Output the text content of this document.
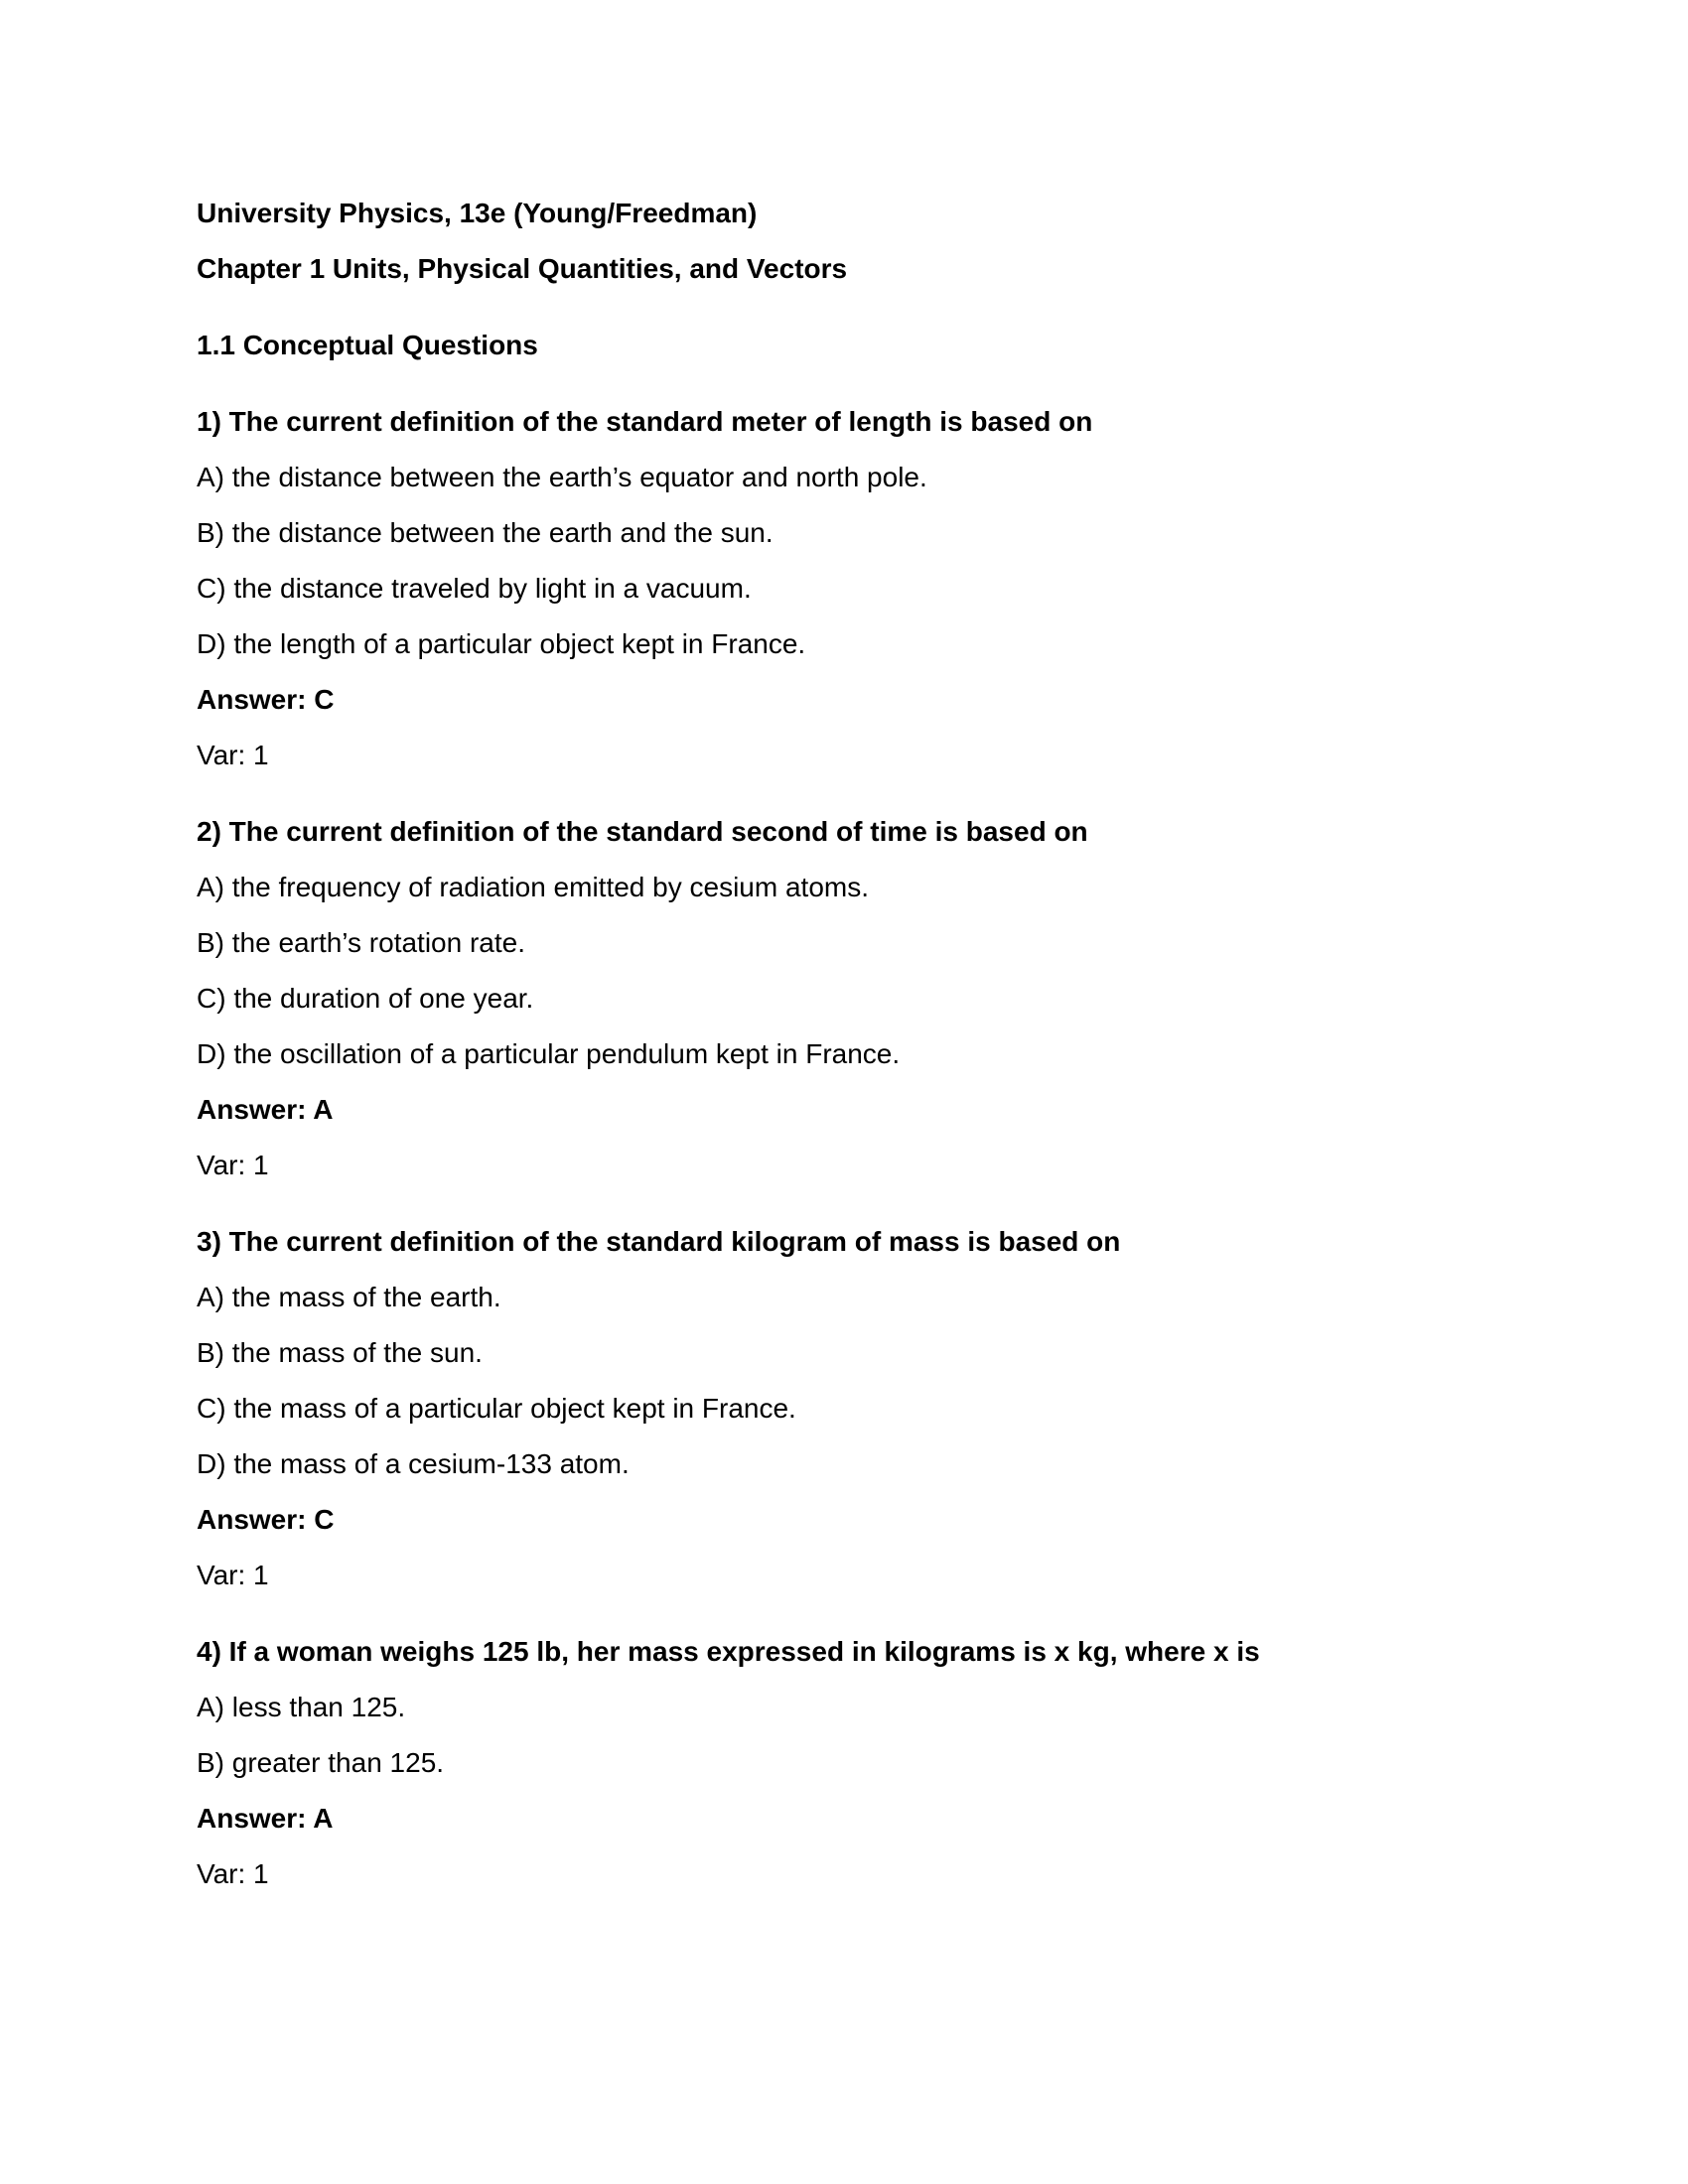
University Physics, 13e (Young/Freedman)

Chapter 1 Units, Physical Quantities, and Vectors

1.1 Conceptual Questions

1) The current definition of the standard meter of length is based on

A) the distance between the earth’s equator and north pole.

B) the distance between the earth and the sun.

C) the distance traveled by light in a vacuum.

D) the length of a particular object kept in France.

Answer: C

Var: 1

2) The current definition of the standard second of time is based on

A) the frequency of radiation emitted by cesium atoms.

B) the earth’s rotation rate.

C) the duration of one year.

D) the oscillation of a particular pendulum kept in France.

Answer: A

Var: 1

3) The current definition of the standard kilogram of mass is based on

A) the mass of the earth.

B) the mass of the sun.

C) the mass of a particular object kept in France.

D) the mass of a cesium-133 atom.

Answer: C

Var: 1

4) If a woman weighs 125 lb, her mass expressed in kilograms is x kg, where x is

A) less than 125.

B) greater than 125.

Answer: A

Var: 1
